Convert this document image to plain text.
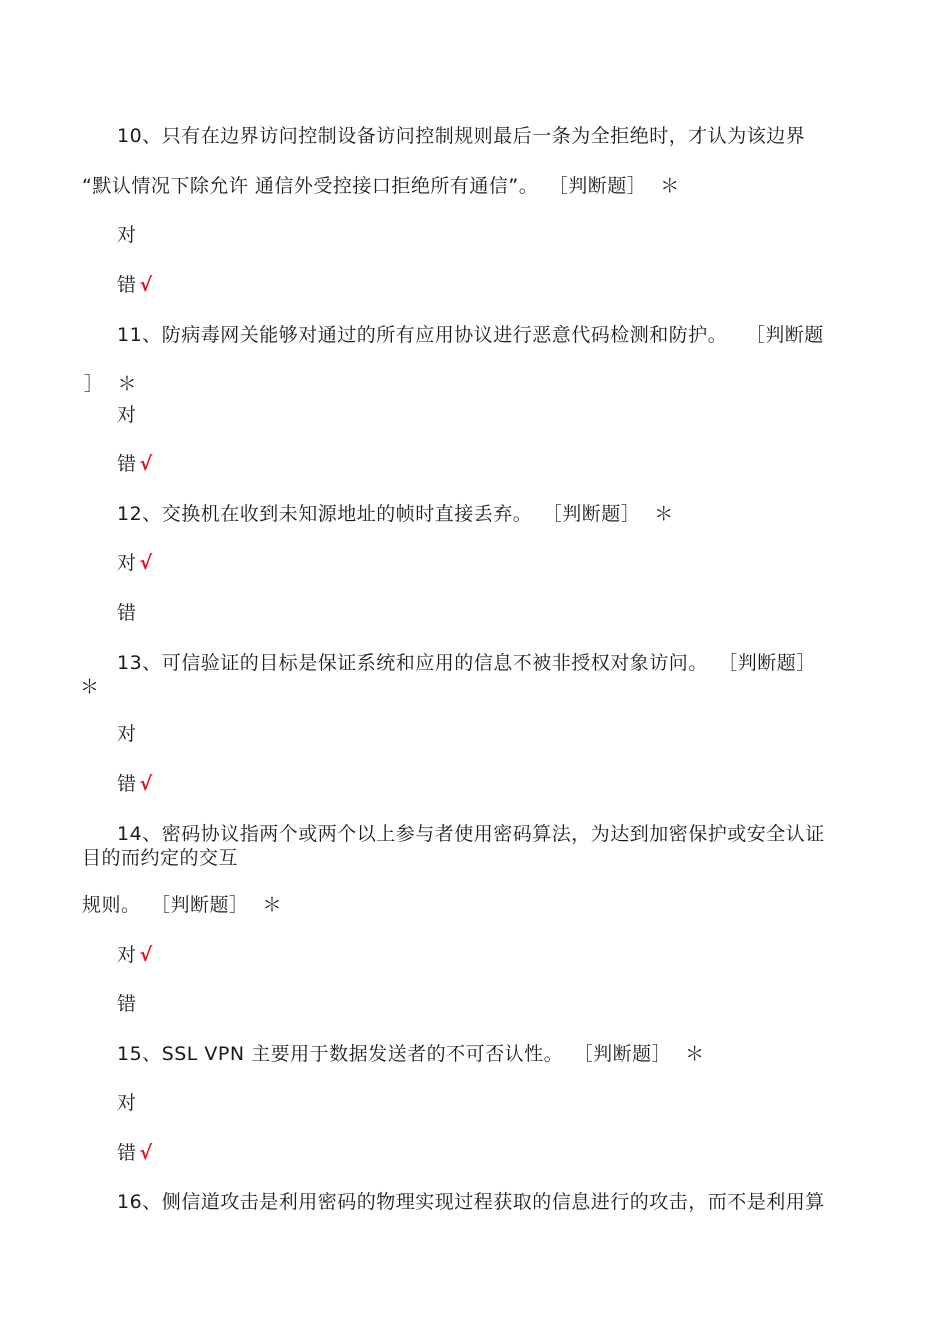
10、只有在边界访问控制设备访问控制规则最后一条为全拒绝时，才认为该边界
“默认情况下除允许 通信外受控接口拒绝所有通信”。 ［判断题］ ＊
对
错 √
11、防病毒网关能够对通过的所有应用协议进行恶意代码检测和防护。 ［判断题
］ ＊
对
错 √
12、交换机在收到未知源地址的帧时直接丢弃。 ［判断题］ ＊
对 √
错
13、可信验证的目标是保证系统和应用的信息不被非授权对象访问。 ［判断题］
＊
对
错 √
14、密码协议指两个或两个以上参与者使用密码算法，为达到加密保护或安全认证
目的而约定的交互
规则。 ［判断题］ ＊
对 √
错
15、SSL VPN 主要用于数据发送者的不可否认性。 ［判断题］ ＊
对
错 √
16、侧信道攻击是利用密码的物理实现过程获取的信息进行的攻击，而不是利用算
